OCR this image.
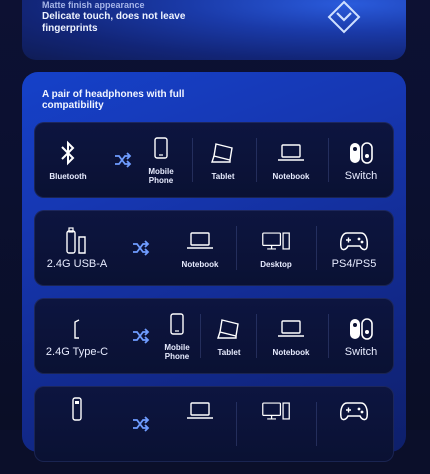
Matte finish appearance
Delicate touch, does not leave fingerprints
A pair of headphones with full compatibility
Bluetooth	Mobile Phone	Tablet	Notebook	Switch
2.4G USB-A	Notebook	Desktop	PS4/PS5
2.4G Type-C	Mobile Phone	Tablet	Notebook	Switch
